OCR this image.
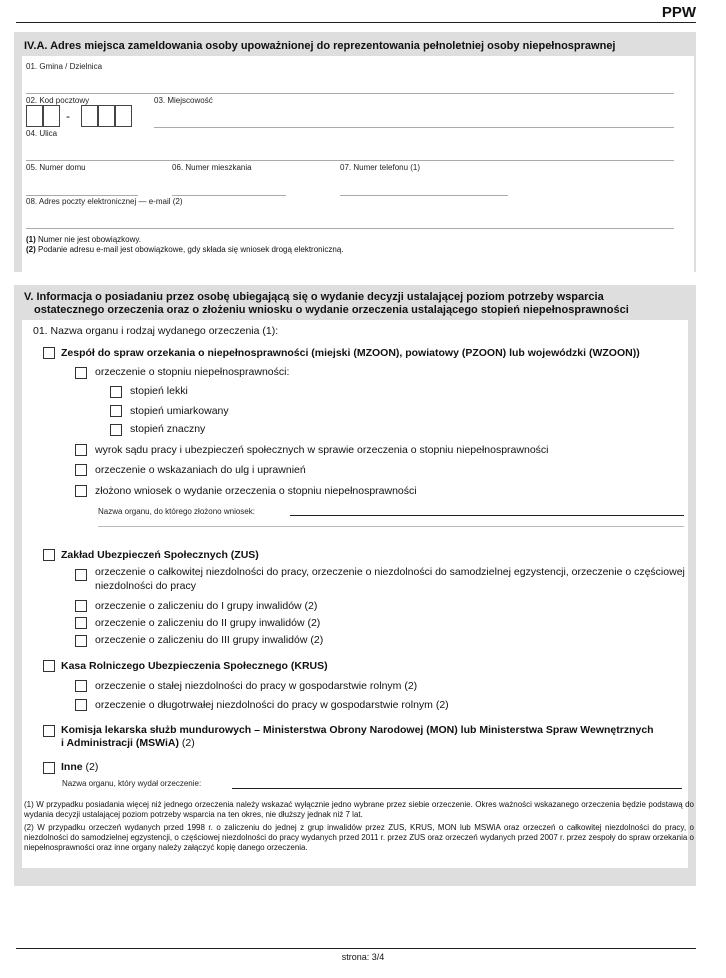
PPW
IV.A. Adres miejsca zameldowania osoby upoważnionej do reprezentowania pełnoletniej osoby niepełnosprawnej
01. Gmina / Dzielnica
02. Kod pocztowy
-
03. Miejscowość
04. Ulica
05. Numer domu	06. Numer mieszkania	07. Numer telefonu (1)
08. Adres poczty elektronicznej — e-mail (2)
(1) Numer nie jest obowiązkowy.
(2) Podanie adresu e-mail jest obowiązkowe, gdy składa się wniosek drogą elektroniczną.
V. Informacja o posiadaniu przez osobę ubiegającą się o wydanie decyzji ustalającej poziom potrzeby wsparcia
ostatecznego orzeczenia oraz o złożeniu wniosku o wydanie orzeczenia ustalającego stopień niepełnosprawności
01. Nazwa organu i rodzaj wydanego orzeczenia (1):
Zespół do spraw orzekania o niepełnosprawności (miejski (MZOON), powiatowy (PZOON) lub wojewódzki (WZOON))
orzeczenie o stopniu niepełnosprawności:
stopień lekki
stopień umiarkowany
stopień znaczny
wyrok sądu pracy i ubezpieczeń społecznych w sprawie orzeczenia o stopniu niepełnosprawności
orzeczenie o wskazaniach do ulg i uprawnień
złożono wniosek o wydanie orzeczenia o stopniu niepełnosprawności
Nazwa organu, do którego złożono wniosek:
Zakład Ubezpieczeń Społecznych (ZUS)
orzeczenie o całkowitej niezdolności do pracy, orzeczenie o niezdolności do samodzielnej egzystencji, orzeczenie o częściowej
niezdolności do pracy
orzeczenie o zaliczeniu do I grupy inwalidów (2)
orzeczenie o zaliczeniu do II grupy inwalidów (2)
orzeczenie o zaliczeniu do III grupy inwalidów (2)
Kasa Rolniczego Ubezpieczenia Społecznego (KRUS)
orzeczenie o stałej niezdolności do pracy w gospodarstwie rolnym (2)
orzeczenie o długotrwałej niezdolności do pracy w gospodarstwie rolnym (2)
Komisja lekarska służb mundurowych – Ministerstwa Obrony Narodowej (MON) lub Ministerstwa Spraw Wewnętrznych
i Administracji (MSWiA) (2)
Inne (2)
Nazwa organu, który wydał orzeczenie:
(1) W przypadku posiadania więcej niż jednego orzeczenia należy wskazać wyłącznie jedno wybrane przez siebie orzeczenie. Okres ważności wskazanego orzeczenia będzie podstawą do wydania decyzji ustalającej poziom potrzeby wsparcia na ten okres, nie dłuższy jednak niż 7 lat.
(2) W przypadku orzeczeń wydanych przed 1998 r. o zaliczeniu do jednej z grup inwalidów przez ZUS, KRUS, MON lub MSWiA oraz orzeczeń o całkowitej niezdolności do pracy, o niezdolności do samodzielnej egzystencji, o częściowej niezdolności do pracy wydanych przed 2011 r. przez ZUS oraz orzeczeń wydanych przed 2007 r. przez zespoły do spraw orzekania o niepełnosprawności oraz inne organy należy załączyć kopię danego orzeczenia.
strona: 3/4
